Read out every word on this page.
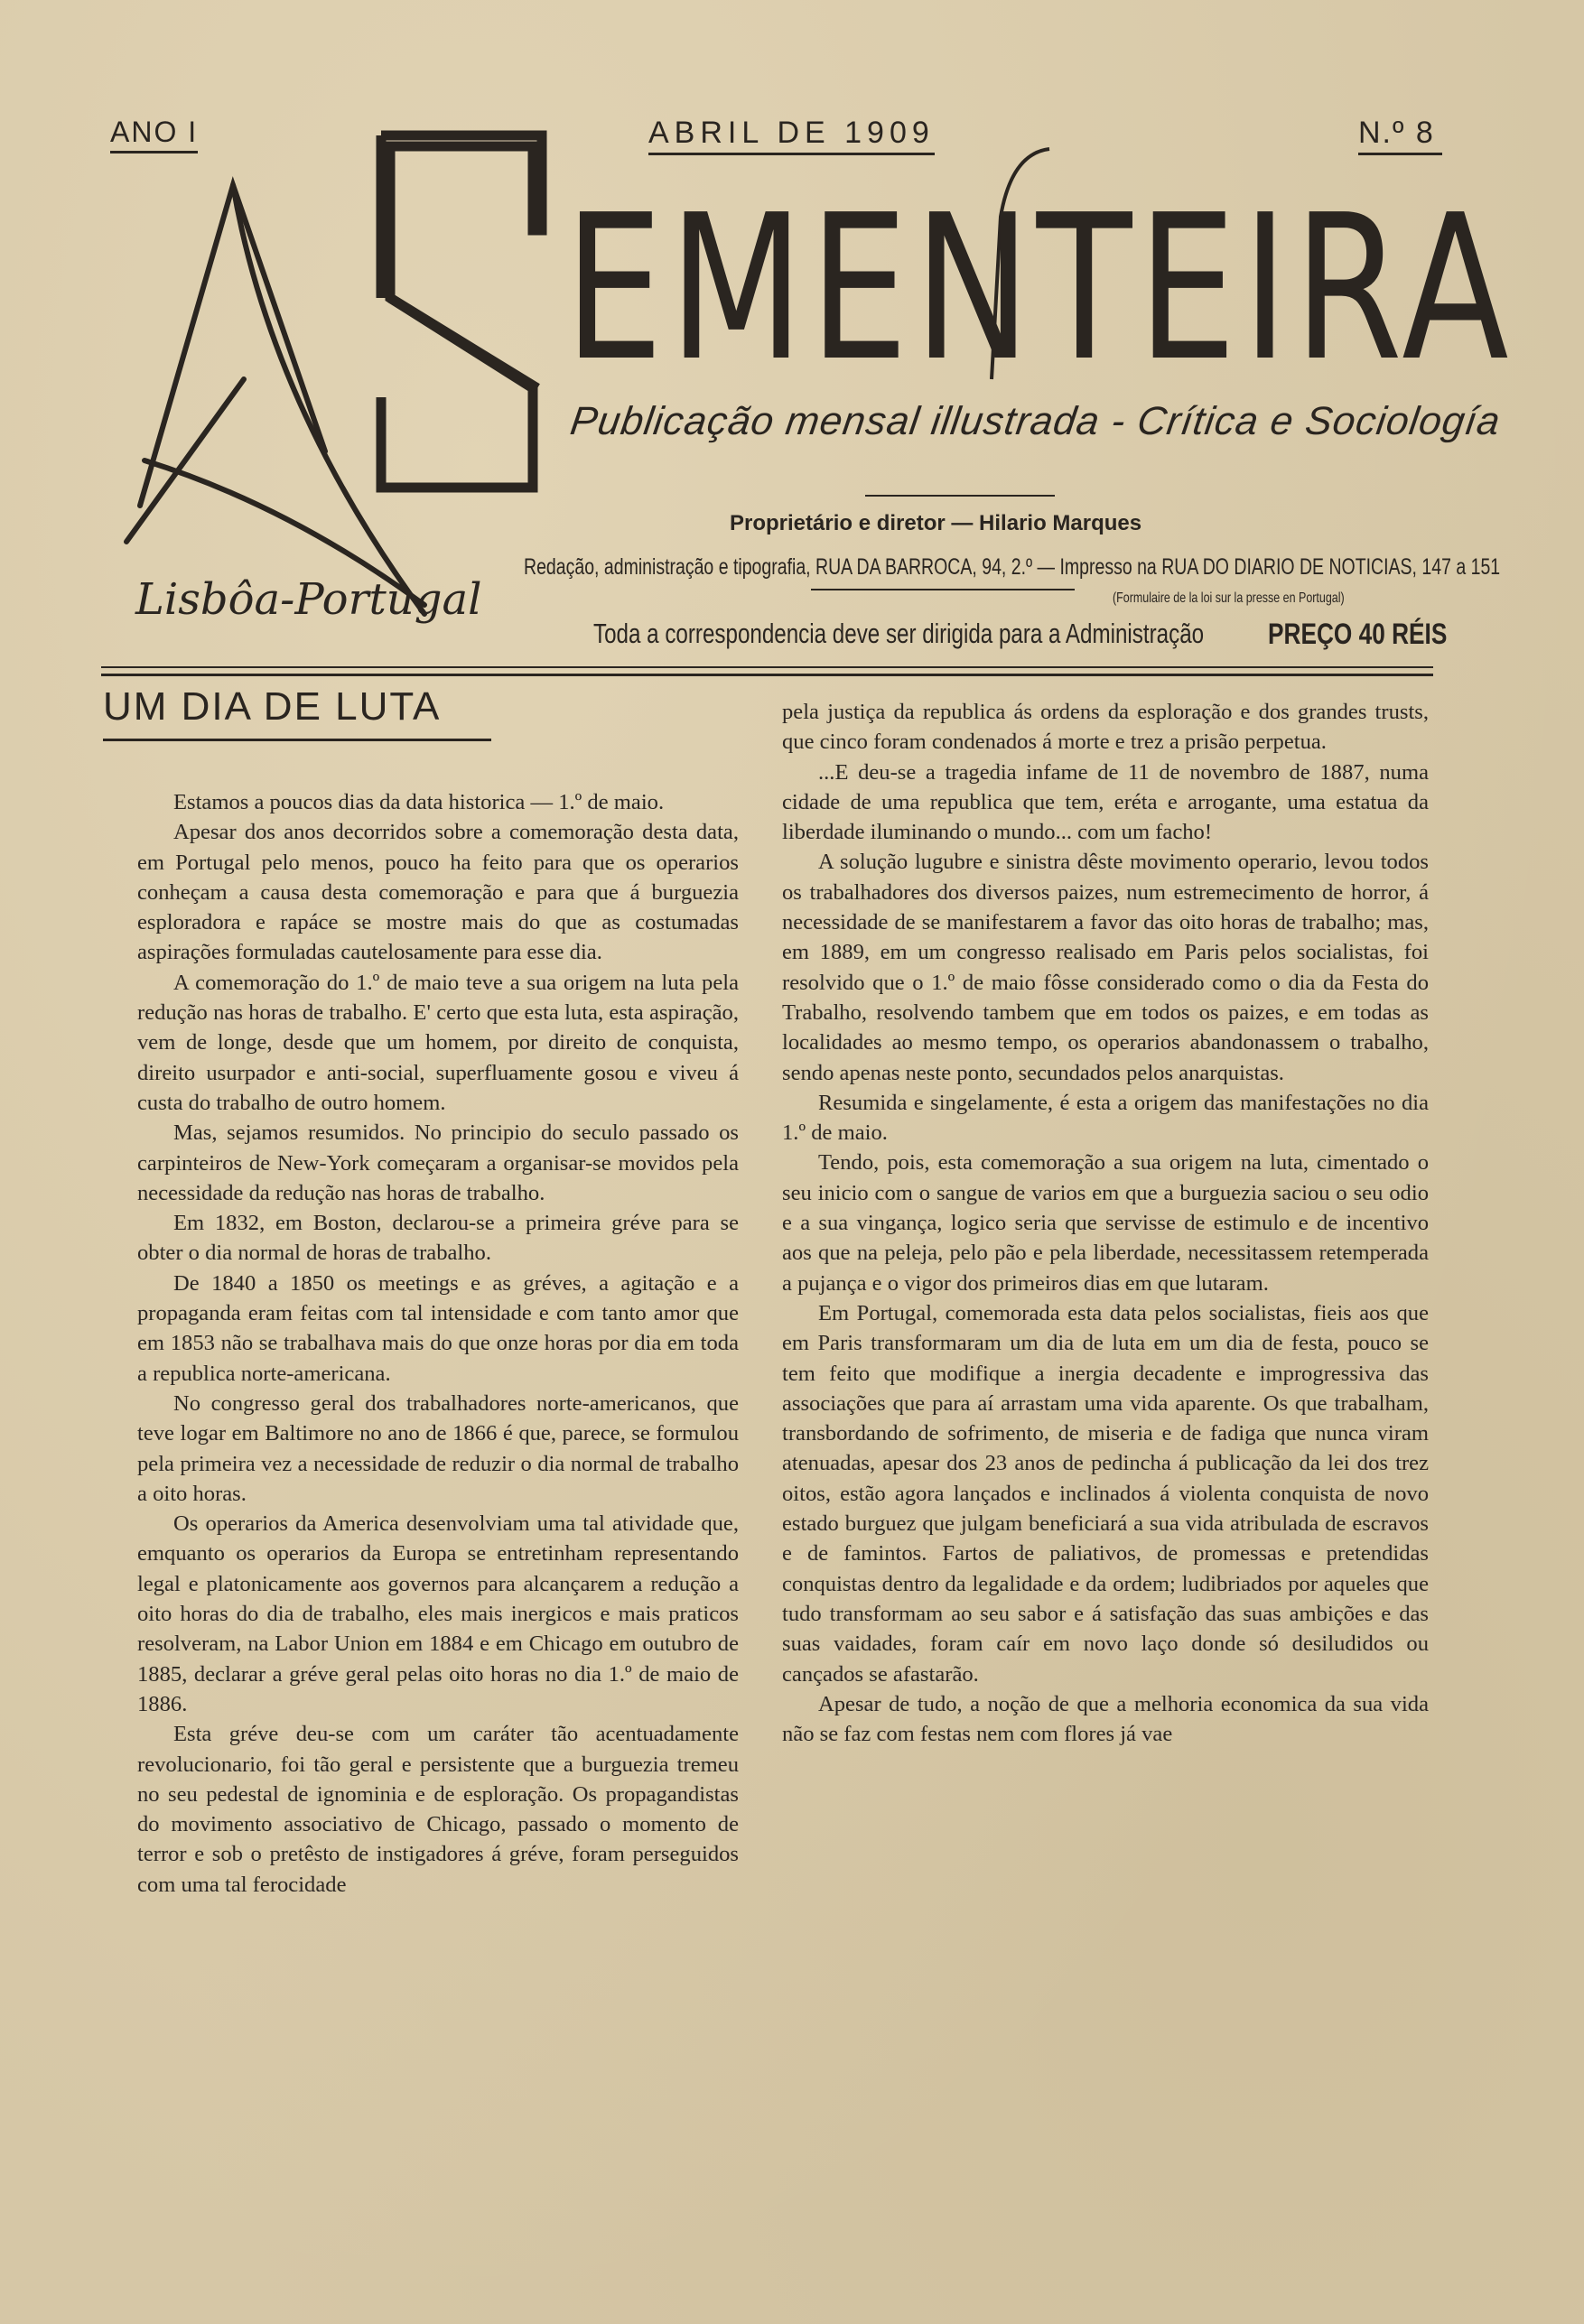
ANO I	ABRIL DE 1909	N.º 8
EMENTEIRA
Publicação mensal illustrada - Crítica e Sociología
Proprietário e diretor — Hilario Marques
Redação, administração e tipografia, RUA DA BARROCA, 94, 2.º — Impresso na RUA DO DIARIO DE NOTICIAS, 147 a 151
(Formulaire de la loi sur la presse en Portugal)
Lisbôa-Portugal
Toda a correspondencia deve ser dirigida para a Administração PREÇO 40 RÉIS
UM DIA DE LUTA

Estamos a poucos dias da data historica — 1.º de maio.

Apesar dos anos decorridos sobre a comemoração desta data, em Portugal pelo menos, pouco ha feito para que os operarios conheçam a causa desta comemoração e para que á burguezia esploradora e rapáce se mostre mais do que as costumadas aspirações formuladas cautelosamente para esse dia.

A comemoração do 1.º de maio teve a sua origem na luta pela redução nas horas de trabalho. E' certo que esta luta, esta aspiração, vem de longe, desde que um homem, por direito de conquista, direito usurpador e anti-social, superfluamente gosou e viveu á custa do trabalho de outro homem.

Mas, sejamos resumidos. No principio do seculo passado os carpinteiros de New-York começaram a organisar-se movidos pela necessidade da redução nas horas de trabalho.

Em 1832, em Boston, declarou-se a primeira gréve para se obter o dia normal de horas de trabalho.

De 1840 a 1850 os meetings e as gréves, a agitação e a propaganda eram feitas com tal intensidade e com tanto amor que em 1853 não se trabalhava mais do que onze horas por dia em toda a republica norte-americana.

No congresso geral dos trabalhadores norte-americanos, que teve logar em Baltimore no ano de 1866 é que, parece, se formulou pela primeira vez a necessidade de reduzir o dia normal de trabalho a oito horas.

Os operarios da America desenvolviam uma tal atividade que, emquanto os operarios da Europa se entretinham representando legal e platonicamente aos governos para alcançarem a redução a oito horas do dia de trabalho, eles mais inergicos e mais praticos resolveram, na Labor Union em 1884 e em Chicago em outubro de 1885, declarar a gréve geral pelas oito horas no dia 1.º de maio de 1886.

Esta gréve deu-se com um caráter tão acentuadamente revolucionario, foi tão geral e persistente que a burguezia tremeu no seu pedestal de ignominia e de esploração. Os propagandistas do movimento associativo de Chicago, passado o momento de terror e sob o pretêsto de instigadores á gréve, foram perseguidos com uma tal ferocidade

pela justiça da republica ás ordens da esploração e dos grandes trusts, que cinco foram condenados á morte e trez a prisão perpetua.

...E deu-se a tragedia infame de 11 de novembro de 1887, numa cidade de uma republica que tem, eréta e arrogante, uma estatua da liberdade iluminando o mundo... com um facho!

A solução lugubre e sinistra dêste movimento operario, levou todos os trabalhadores dos diversos paizes, num estremecimento de horror, á necessidade de se manifestarem a favor das oito horas de trabalho; mas, em 1889, em um congresso realisado em Paris pelos socialistas, foi resolvido que o 1.º de maio fôsse considerado como o dia da Festa do Trabalho, resolvendo tambem que em todos os paizes, e em todas as localidades ao mesmo tempo, os operarios abandonassem o trabalho, sendo apenas neste ponto, secundados pelos anarquistas.

Resumida e singelamente, é esta a origem das manifestações no dia 1.º de maio.

Tendo, pois, esta comemoração a sua origem na luta, cimentado o seu inicio com o sangue de varios em que a burguezia saciou o seu odio e a sua vingança, logico seria que servisse de estimulo e de incentivo aos que na peleja, pelo pão e pela liberdade, necessitassem retemperada a pujança e o vigor dos primeiros dias em que lutaram.

Em Portugal, comemorada esta data pelos socialistas, fieis aos que em Paris transformaram um dia de luta em um dia de festa, pouco se tem feito que modifique a inergia decadente e improgressiva das associações que para aí arrastam uma vida aparente. Os que trabalham, transbordando de sofrimento, de miseria e de fadiga que nunca viram atenuadas, apesar dos 23 anos de pedincha á publicação da lei dos trez oitos, estão agora lançados e inclinados á violenta conquista de novo estado burguez que julgam beneficiará a sua vida atribulada de escravos e de famintos. Fartos de paliativos, de promessas e pretendidas conquistas dentro da legalidade e da ordem; ludibriados por aqueles que tudo transformam ao seu sabor e á satisfação das suas ambições e das suas vaidades, foram caír em novo laço donde só desiludidos ou cançados se afastarão.

Apesar de tudo, a noção de que a melhoria economica da sua vida não se faz com festas nem com flores já vae
